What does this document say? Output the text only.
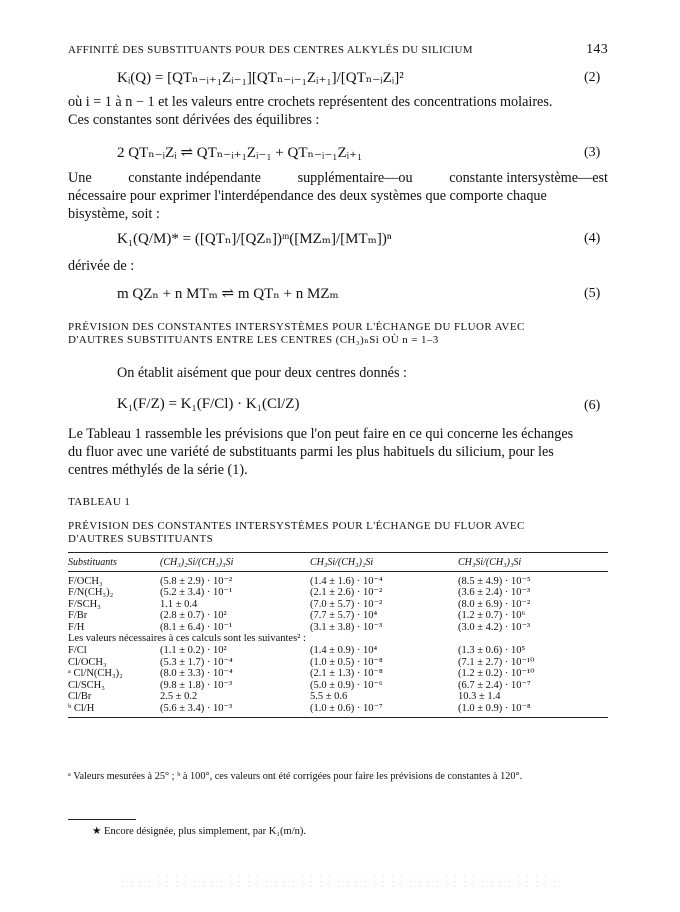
AFFINITÉ DES SUBSTITUANTS POUR DES CENTRES ALKYLÉS DU SILICIUM	143
Kᵢ(Q) = [QTₙ₋ᵢ₊₁Zᵢ₋₁][QTₙ₋ᵢ₋₁Zᵢ₊₁]/[QTₙ₋ᵢZᵢ]²	(2)
où i = 1 à n − 1 et les valeurs entre crochets représentent des concentrations molaires.
Ces constantes sont dérivées des équilibres :
2 QTₙ₋ᵢZᵢ ⇌ QTₙ₋ᵢ₊₁Zᵢ₋₁ + QTₙ₋ᵢ₋₁Zᵢ₊₁	(3)
Une	constante indépendante	supplémentaire—ou	constante intersystème—est
nécessaire pour exprimer l'interdépendance des deux systèmes que comporte chaque
bisystème, soit :
K₁(Q/M)* = ([QTₙ]/[QZₙ])ᵐ([MZₘ]/[MTₘ])ⁿ	(4)
dérivée de :
m QZₙ + n MTₘ ⇌ m QTₙ + n MZₘ	(5)
PRÉVISION DES CONSTANTES INTERSYSTÈMES POUR L'ÉCHANGE DU FLUOR AVEC
D'AUTRES SUBSTITUANTS ENTRE LES CENTRES (CH₃)ₙSi OÙ n = 1–3
On établit aisément que pour deux centres donnés :
K₁(F/Z) = K₁(F/Cl) · K₁(Cl/Z)	(6)
Le Tableau 1 rassemble les prévisions que l'on peut faire en ce qui concerne les échanges
du fluor avec une variété de substituants parmi les plus habituels du silicium, pour les
centres méthylés de la série (1).
TABLEAU 1
PRÉVISION DES CONSTANTES INTERSYSTÈMES POUR L'ÉCHANGE DU FLUOR AVEC
D'AUTRES SUBSTITUANTS
Substituants	(CH₃)₂Si/(CH₃)₃Si	CH₃Si/(CH₃)₂Si	CH₃Si/(CH₃)₃Si

F/OCH₃	(5.8 ± 2.9) · 10⁻²	(1.4 ± 1.6) · 10⁻⁴	(8.5 ± 4.9) · 10⁻⁵
F/N(CH₃)₂	(5.2 ± 3.4) · 10⁻¹	(2.1 ± 2.6) · 10⁻²	(3.6 ± 2.4) · 10⁻³
F/SCH₃	1.1 ± 0.4	(7.0 ± 5.7) · 10⁻²	(8.0 ± 6.9) · 10⁻²
F/Br	(2.8 ± 0.7) · 10²	(7.7 ± 5.7) · 10⁴	(1.2 ± 0.7) · 10⁶
F/H	(8.1 ± 6.4) · 10⁻¹	(3.1 ± 3.8) · 10⁻³	(3.0 ± 4.2) · 10⁻³
Les valeurs nécessaires à ces calculs sont les suivantes² :			
F/Cl	(1.1 ± 0.2) · 10²	(1.4 ± 0.9) · 10⁴	(1.3 ± 0.6) · 10⁵
Cl/OCH₃	(5.3 ± 1.7) · 10⁻⁴	(1.0 ± 0.5) · 10⁻⁸	(7.1 ± 2.7) · 10⁻¹⁰
ᵃ Cl/N(CH₃)₂	(8.0 ± 3.3) · 10⁻⁴	(2.1 ± 1.3) · 10⁻⁸	(1.2 ± 0.2) · 10⁻¹⁰
Cl/SCH₃	(9.8 ± 1.8) · 10⁻³	(5.0 ± 0.9) · 10⁻⁶	(6.7 ± 2.4) · 10⁻⁷
Cl/Br	2.5 ± 0.2	5.5 ± 0.6	10.3 ± 1.4
ᵇ Cl/H	(5.6 ± 3.4) · 10⁻³	(1.0 ± 0.6) · 10⁻⁷	(1.0 ± 0.9) · 10⁻⁸
ᵃ Valeurs mesurées à 25° ; ᵇ à 100°, ces valeurs ont été corrigées pour faire les prévisions de constantes à 120°.
★ Encore désignée, plus simplement, par K₁(m/n).
